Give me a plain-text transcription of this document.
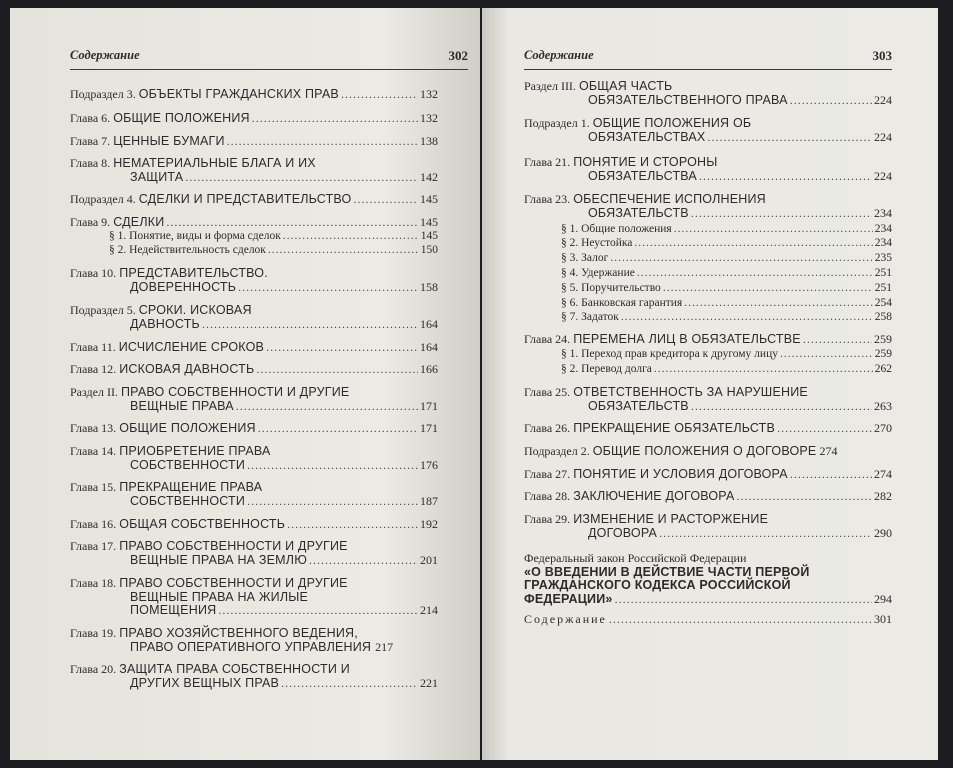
Содержание	302
Подраздел 3. ОБЪЕКТЫ ГРАЖДАНСКИХ ПРАВ .....	132
Глава 6. ОБЩИЕ ПОЛОЖЕНИЯ .....	132
Глава 7. ЦЕННЫЕ БУМАГИ .....	138
Глава 8. НЕМАТЕРИАЛЬНЫЕ БЛАГА И ИХ
ЗАЩИТА .....	142
Подраздел 4. СДЕЛКИ И ПРЕДСТАВИТЕЛЬСТВО .....	145
Глава 9. СДЕЛКИ .....	145
§ 1. Понятие, виды и форма сделок .....	145
§ 2. Недействительность сделок .....	150
Глава 10. ПРЕДСТАВИТЕЛЬСТВО.
ДОВЕРЕННОСТЬ .....	158
Подраздел 5. СРОКИ. ИСКОВАЯ
ДАВНОСТЬ .....	164
Глава 11. ИСЧИСЛЕНИЕ СРОКОВ .....	164
Глава 12. ИСКОВАЯ ДАВНОСТЬ .....	166
Раздел II. ПРАВО СОБСТВЕННОСТИ И ДРУГИЕ
ВЕЩНЫЕ ПРАВА .....	171
Глава 13. ОБЩИЕ ПОЛОЖЕНИЯ .....	171
Глава 14. ПРИОБРЕТЕНИЕ ПРАВА
СОБСТВЕННОСТИ .....	176
Глава 15. ПРЕКРАЩЕНИЕ ПРАВА
СОБСТВЕННОСТИ .....	187
Глава 16. ОБЩАЯ СОБСТВЕННОСТЬ .....	192
Глава 17. ПРАВО СОБСТВЕННОСТИ И ДРУГИЕ
ВЕЩНЫЕ ПРАВА НА ЗЕМЛЮ .....	201
Глава 18. ПРАВО СОБСТВЕННОСТИ И ДРУГИЕ
ВЕЩНЫЕ ПРАВА НА ЖИЛЫЕ
ПОМЕЩЕНИЯ .....	214
Глава 19. ПРАВО ХОЗЯЙСТВЕННОГО ВЕДЕНИЯ,
ПРАВО ОПЕРАТИВНОГО УПРАВЛЕНИЯ 217
Глава 20. ЗАЩИТА ПРАВА СОБСТВЕННОСТИ И
ДРУГИХ ВЕЩНЫХ ПРАВ .....	221
Содержание	303
Раздел III. ОБЩАЯ ЧАСТЬ
ОБЯЗАТЕЛЬСТВЕННОГО ПРАВА .....	224
Подраздел 1. ОБЩИЕ ПОЛОЖЕНИЯ ОБ
ОБЯЗАТЕЛЬСТВАХ .....	224
Глава 21. ПОНЯТИЕ И СТОРОНЫ
ОБЯЗАТЕЛЬСТВА .....	224
Глава 23. ОБЕСПЕЧЕНИЕ ИСПОЛНЕНИЯ
ОБЯЗАТЕЛЬСТВ .....	234
§ 1. Общие положения .....	234
§ 2. Неустойка .....	234
§ 3. Залог .....	235
§ 4. Удержание .....	251
§ 5. Поручительство .....	251
§ 6. Банковская гарантия .....	254
§ 7. Задаток .....	258
Глава 24. ПЕРЕМЕНА ЛИЦ В ОБЯЗАТЕЛЬСТВЕ .....	259
§ 1. Переход прав кредитора к другому лицу .....	259
§ 2. Перевод долга .....	262
Глава 25. ОТВЕТСТВЕННОСТЬ ЗА НАРУШЕНИЕ
ОБЯЗАТЕЛЬСТВ .....	263
Глава 26. ПРЕКРАЩЕНИЕ ОБЯЗАТЕЛЬСТВ .....	270
Подраздел 2. ОБЩИЕ ПОЛОЖЕНИЯ О ДОГОВОРЕ 274
Глава 27. ПОНЯТИЕ И УСЛОВИЯ ДОГОВОРА .....	274
Глава 28. ЗАКЛЮЧЕНИЕ ДОГОВОРА .....	282
Глава 29. ИЗМЕНЕНИЕ И РАСТОРЖЕНИЕ
ДОГОВОРА .....	290
Федеральный закон Российской Федерации
«О ВВЕДЕНИИ В ДЕЙСТВИЕ ЧАСТИ ПЕРВОЙ
ГРАЖДАНСКОГО КОДЕКСА РОССИЙСКОЙ
ФЕДЕРАЦИИ» .....	294
Содержание .....	301
